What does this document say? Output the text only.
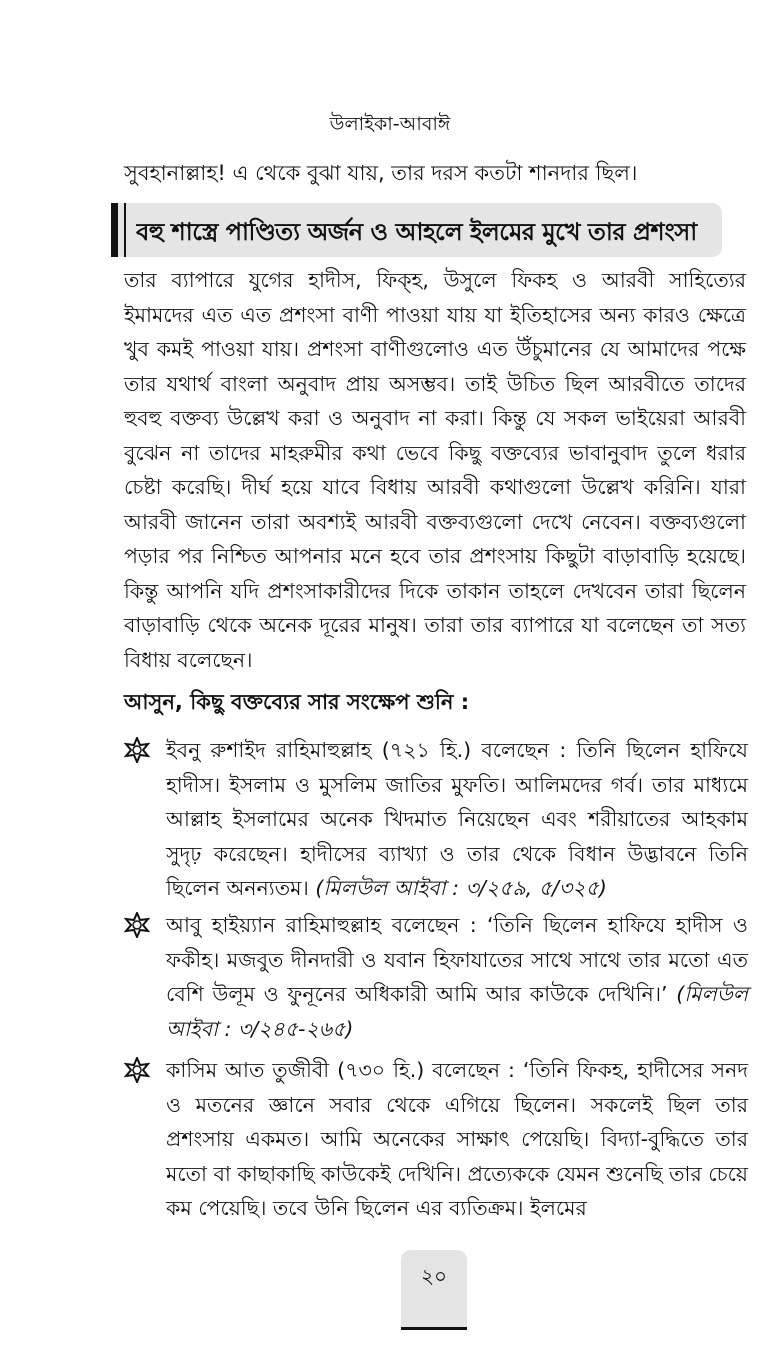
উলাইকা-আবাঈ
সুবহানাল্লাহ! এ থেকে বুঝা যায়, তার দরস কতটা শানদার ছিল।
বহু শাস্ত্রে পাণ্ডিত্য অর্জন ও আহলে ইলমের মুখে তার প্রশংসা
তার ব্যাপারে যুগের হাদীস, ফিক্‌হ, উসুলে ফিকহ ও আরবী সাহিত্যের ইমামদের এত এত প্রশংসা বাণী পাওয়া যায় যা ইতিহাসের অন্য কারও ক্ষেত্রে খুব কমই পাওয়া যায়। প্রশংসা বাণীগুলোও এত উঁচুমানের যে আমাদের পক্ষে তার যথার্থ বাংলা অনুবাদ প্রায় অসম্ভব। তাই উচিত ছিল আরবীতে তাদের হুবহু বক্তব্য উল্লেখ করা ও অনুবাদ না করা। কিন্তু যে সকল ভাইয়েরা আরবী বুঝেন না তাদের মাহরুমীর কথা ভেবে কিছু বক্তব্যের ভাবানুবাদ তুলে ধরার চেষ্টা করেছি। দীর্ঘ হয়ে যাবে বিধায় আরবী কথাগুলো উল্লেখ করিনি। যারা আরবী জানেন তারা অবশ্যই আরবী বক্তব্যগুলো দেখে নেবেন। বক্তব্যগুলো পড়ার পর নিশ্চিত আপনার মনে হবে তার প্রশংসায় কিছুটা বাড়াবাড়ি হয়েছে। কিন্তু আপনি যদি প্রশংসাকারীদের দিকে তাকান তাহলে দেখবেন তারা ছিলেন বাড়াবাড়ি থেকে অনেক দূরের মানুষ। তারা তার ব্যাপারে যা বলেছেন তা সত্য বিধায় বলেছেন।
আসুন, কিছু বক্তব্যের সার সংক্ষেপ শুনি :
ইবনু রুশাইদ রাহিমাহুল্লাহ (৭২১ হি.) বলেছেন : তিনি ছিলেন হাফিযে হাদীস। ইসলাম ও মুসলিম জাতির মুফতি। আলিমদের গর্ব। তার মাধ্যমে আল্লাহ ইসলামের অনেক খিদমাত নিয়েছেন এবং শরীয়াতের আহকাম সুদৃঢ় করেছেন। হাদীসের ব্যাখ্যা ও তার থেকে বিধান উদ্ভাবনে তিনি ছিলেন অনন্যতম। (মিলউল আইবা : ৩/২৫৯, ৫/৩২৫)
আবু হাইয়্যান রাহিমাহুল্লাহ বলেছেন : ‘তিনি ছিলেন হাফিযে হাদীস ও ফকীহ। মজবুত দীনদারী ও যবান হিফাযাতের সাথে সাথে তার মতো এত বেশি উলূম ও ফুনূনের অধিকারী আমি আর কাউকে দেখিনি।’ (মিলউল আইবা : ৩/২৪৫-২৬৫)
কাসিম আত তুজীবী (৭৩০ হি.) বলেছেন : ‘তিনি ফিকহ, হাদীসের সনদ ও মতনের জ্ঞানে সবার থেকে এগিয়ে ছিলেন। সকলেই ছিল তার প্রশংসায় একমত। আমি অনেকের সাক্ষাৎ পেয়েছি। বিদ্যা-বুদ্ধিতে তার মতো বা কাছাকাছি কাউকেই দেখিনি। প্রত্যেককে যেমন শুনেছি তার চেয়ে কম পেয়েছি। তবে উনি ছিলেন এর ব্যতিক্রম। ইলমের
২০
